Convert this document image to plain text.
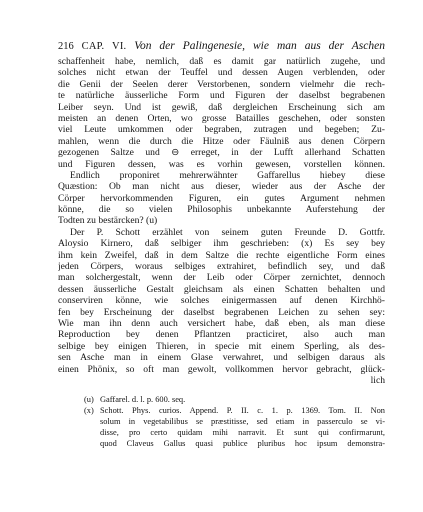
216 CAP. VI. Von der Palingenesie, wie man aus der Aschen
schaffenheit habe, nemlich, daß es damit gar natürlich zugehe, und
solches nicht etwan der Teuffel und dessen Augen verblenden, oder
die Genii der Seelen derer Verstorbenen, sondern vielmehr die rech-
te natürliche äusserliche Form und Figuren der daselbst begrabenen
Leiber seyn. Und ist gewiß, daß dergleichen Erscheinung sich am
meisten an denen Orten, wo grosse Batailles geschehen, oder sonsten
viel Leute umkommen oder begraben, zutragen und begeben; Zu-
mahlen, wenn die durch die Hitze oder Fäulniß aus denen Cörpern
gezogenen Saltze und ⊖ erreget, in der Lufft allerhand Schatten
und Figuren dessen, was es vorhin gewesen, vorstellen können.
Endlich proponiret mehrerwähnter Gaffarellus hiebey diese
Quæstion: Ob man nicht aus dieser, wieder aus der Asche der
Cörper hervorkommenden Figuren, ein gutes Argument nehmen
könne, die so vielen Philosophis unbekannte Auferstehung der
Todten zu bestärcken? (u)
Der P. Schott erzählet von seinem guten Freunde D. Gottfr.
Aloysio Kirnero, daß selbiger ihm geschrieben: (x) Es sey bey
ihm kein Zweifel, daß in dem Saltze die rechte eigentliche Form eines
jeden Cörpers, woraus selbiges extrahiret, befindlich sey, und daß
man solchergestalt, wenn der Leib oder Cörper zernichtet, dennoch
dessen äusserliche Gestalt gleichsam als einen Schatten behalten und
conserviren könne, wie solches einigermassen auf denen Kirchhö-
fen bey Erscheinung der daselbst begrabenen Leichen zu sehen sey:
Wie man ihn denn auch versichert habe, daß eben, als man diese
Reproduction bey denen Pflantzen practiciret, also auch man
selbige bey einigen Thieren, in specie mit einem Sperling, als des-
sen Asche man in einem Glase verwahret, und selbigen daraus als
einen Phönix, so oft man gewolt, vollkommen hervor gebracht, glück-
lich
(u) Gaffarel. d. l. p. 600. seq.
(x) Schott. Phys. curios. Append. P. II. c. 1. p. 1369. Tom. II. Non
solum in vegetabilibus se præstitisse, sed etiam in passerculo se vi-
disse, pro certo quidam mihi narravit. Et sunt qui confirmarunt,
quod Claveus Gallus quasi publice pluribus hoc ipsum demonstra-
